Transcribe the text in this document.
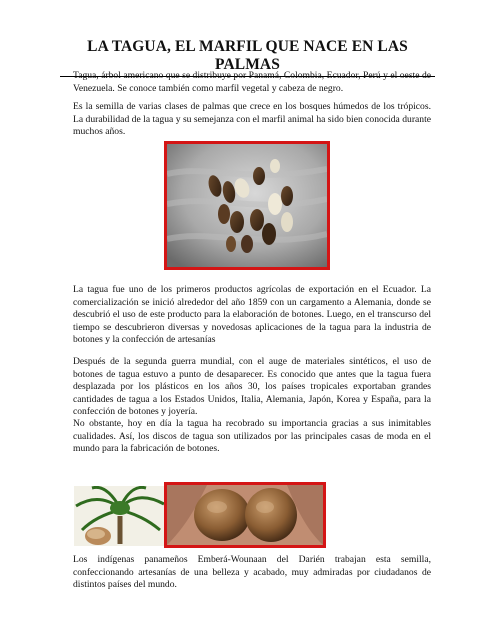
LA TAGUA, EL MARFIL QUE NACE EN LAS PALMAS

Tagua, árbol americano que se distribuye por Panamá, Colombia, Ecuador, Perú y el oeste de Venezuela. Se conoce también como marfil vegetal y cabeza de negro.

Es la semilla de varias clases de palmas que crece en los bosques húmedos de los trópicos. La durabilidad de la tagua y su semejanza con el marfil animal ha sido bien conocida durante muchos años.

La tagua fue uno de los primeros productos agrícolas de exportación en el Ecuador. La comercialización se inició alrededor del año 1859 con un cargamento a Alemania, donde se descubrió el uso de este producto para la elaboración de botones. Luego, en el transcurso del tiempo se descubrieron diversas y novedosas aplicaciones de la tagua para la industria de botones y la confección de artesanías

Después de la segunda guerra mundial, con el auge de materiales sintéticos, el uso de botones de tagua estuvo a punto de desaparecer. Es conocido que antes que la tagua fuera desplazada por los plásticos en los años 30, los países tropicales exportaban grandes cantidades de tagua a los Estados Unidos, Italia, Alemania, Japón, Korea y España, para la confección de botones y joyería.

No obstante, hoy en día la tagua ha recobrado su importancia gracias a sus inimitables cualidades. Así, los discos de tagua son utilizados por las principales casas de moda en el mundo para la fabricación de botones.

Los indígenas panameños Emberá-Wounaan del Darién trabajan esta semilla, confeccionando artesanías de una belleza y acabado, muy admiradas por ciudadanos de distintos países del mundo.
